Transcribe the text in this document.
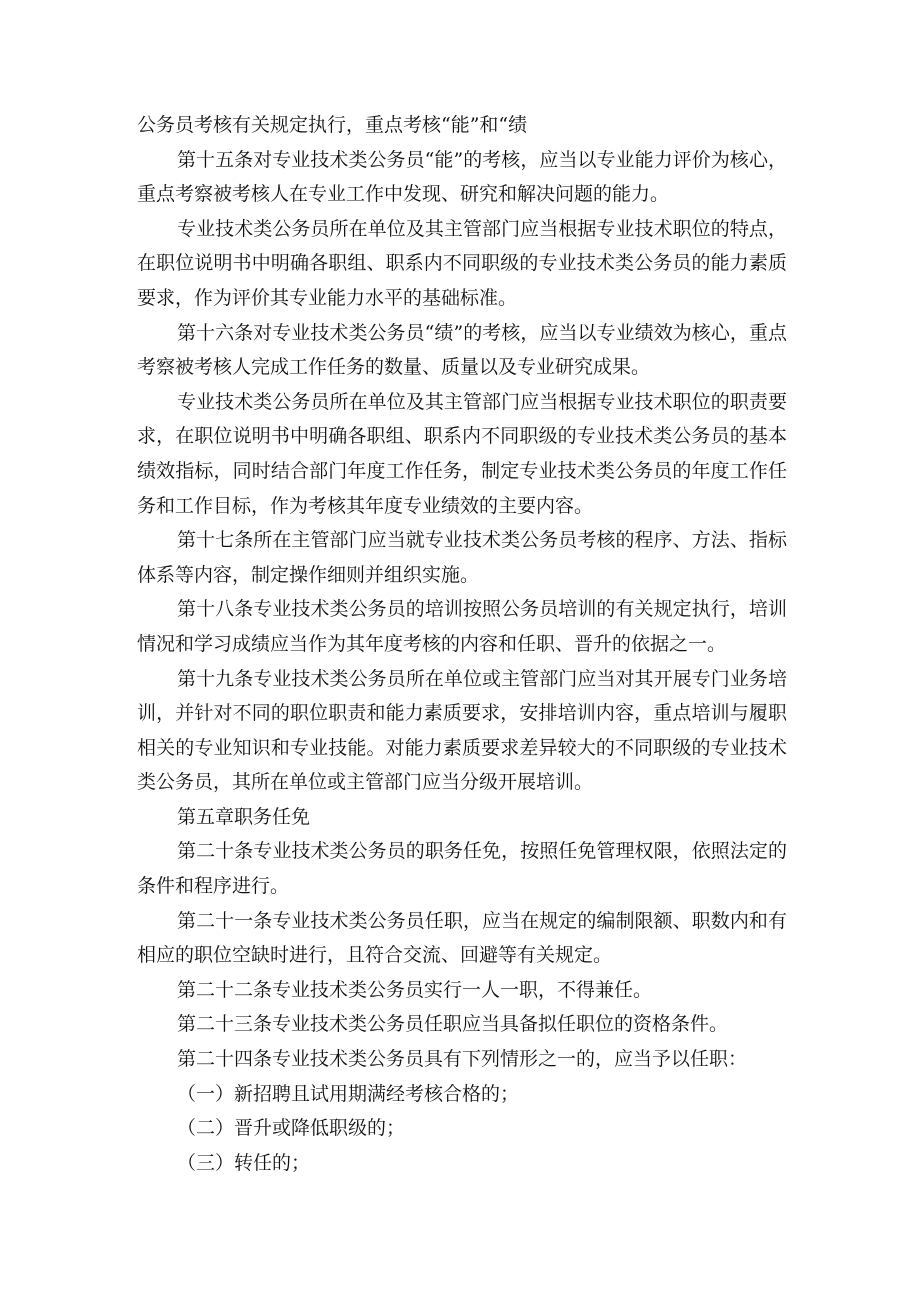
公务员考核有关规定执行，重点考核“能”和“绩

第十五条对专业技术类公务员“能”的考核，应当以专业能力评价为核心，重点考察被考核人在专业工作中发现、研究和解决问题的能力。

专业技术类公务员所在单位及其主管部门应当根据专业技术职位的特点，在职位说明书中明确各职组、职系内不同职级的专业技术类公务员的能力素质要求，作为评价其专业能力水平的基础标准。

第十六条对专业技术类公务员“绩”的考核，应当以专业绩效为核心，重点考察被考核人完成工作任务的数量、质量以及专业研究成果。

专业技术类公务员所在单位及其主管部门应当根据专业技术职位的职责要求，在职位说明书中明确各职组、职系内不同职级的专业技术类公务员的基本绩效指标，同时结合部门年度工作任务，制定专业技术类公务员的年度工作任务和工作目标，作为考核其年度专业绩效的主要内容。

第十七条所在主管部门应当就专业技术类公务员考核的程序、方法、指标体系等内容，制定操作细则并组织实施。

第十八条专业技术类公务员的培训按照公务员培训的有关规定执行，培训情况和学习成绩应当作为其年度考核的内容和任职、晋升的依据之一。

第十九条专业技术类公务员所在单位或主管部门应当对其开展专门业务培训，并针对不同的职位职责和能力素质要求，安排培训内容，重点培训与履职相关的专业知识和专业技能。对能力素质要求差异较大的不同职级的专业技术类公务员，其所在单位或主管部门应当分级开展培训。

第五章职务任免

第二十条专业技术类公务员的职务任免，按照任免管理权限，依照法定的条件和程序进行。

第二十一条专业技术类公务员任职，应当在规定的编制限额、职数内和有相应的职位空缺时进行，且符合交流、回避等有关规定。

第二十二条专业技术类公务员实行一人一职，不得兼任。

第二十三条专业技术类公务员任职应当具备拟任职位的资格条件。

第二十四条专业技术类公务员具有下列情形之一的，应当予以任职：

（一）新招聘且试用期满经考核合格的；

（二）晋升或降低职级的；

（三）转任的；
